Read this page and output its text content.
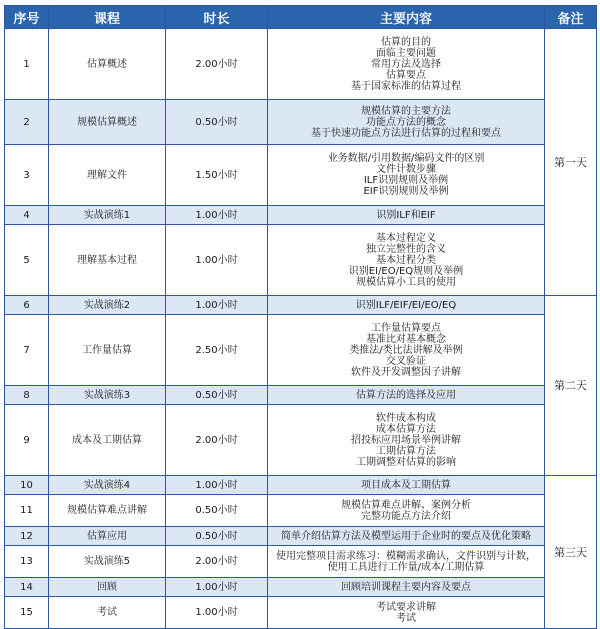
序号	课程	时长	主要内容	备注
1	估算概述	2.00小时	估算的目的
面临主要问题
常用方法及选择
估算要点
基于国家标准的估算过程	第一天
2	规模估算概述	0.50小时	规模估算的主要方法
功能点方法的概念
基于快速功能点方法进行估算的过程和要点	

3	理解文件	1.50小时	业务数据/引用数据/编码文件的区别
文件计数步骤
ILF识别规则及举例
EIF识别规则及举例	

4	实战演练1	1.00小时	识别ILF和EIF	

5	理解基本过程	1.00小时	基本过程定义
独立完整性的含义
基本过程分类
识别EI/EO/EQ规则及举例
规模估算小工具的使用	

6	实战演练2	1.00小时	识别ILF/EIF/EI/EO/EQ	第二天
7	工作量估算	2.50小时	工作量估算要点
基准比对基本概念
类推法/类比法讲解及举例
交叉验证
软件及开发调整因子讲解	

8	实战演练3	0.50小时	估算方法的选择及应用	

9	成本及工期估算	2.00小时	软件成本构成
成本估算方法
招投标应用场景举例讲解
工期估算方法
工期调整对估算的影响	

10	实战演练4	1.00小时	项目成本及工期估算	第三天
11	规模估算难点讲解	0.50小时	规模估算难点讲解、案例分析
完整功能点方法介绍	

12	估算应用	0.50小时	简单介绍估算方法及模型运用于企业时的要点及优化策略	

13	实战演练5	2.00小时	使用完整项目需求练习：模糊需求确认，文件识别与计数，
使用工具进行工作量/成本/工期估算	

14	回顾	1.00小时	回顾培训课程主要内容及要点	

15	考试	1.00小时	考试要求讲解
考试	
